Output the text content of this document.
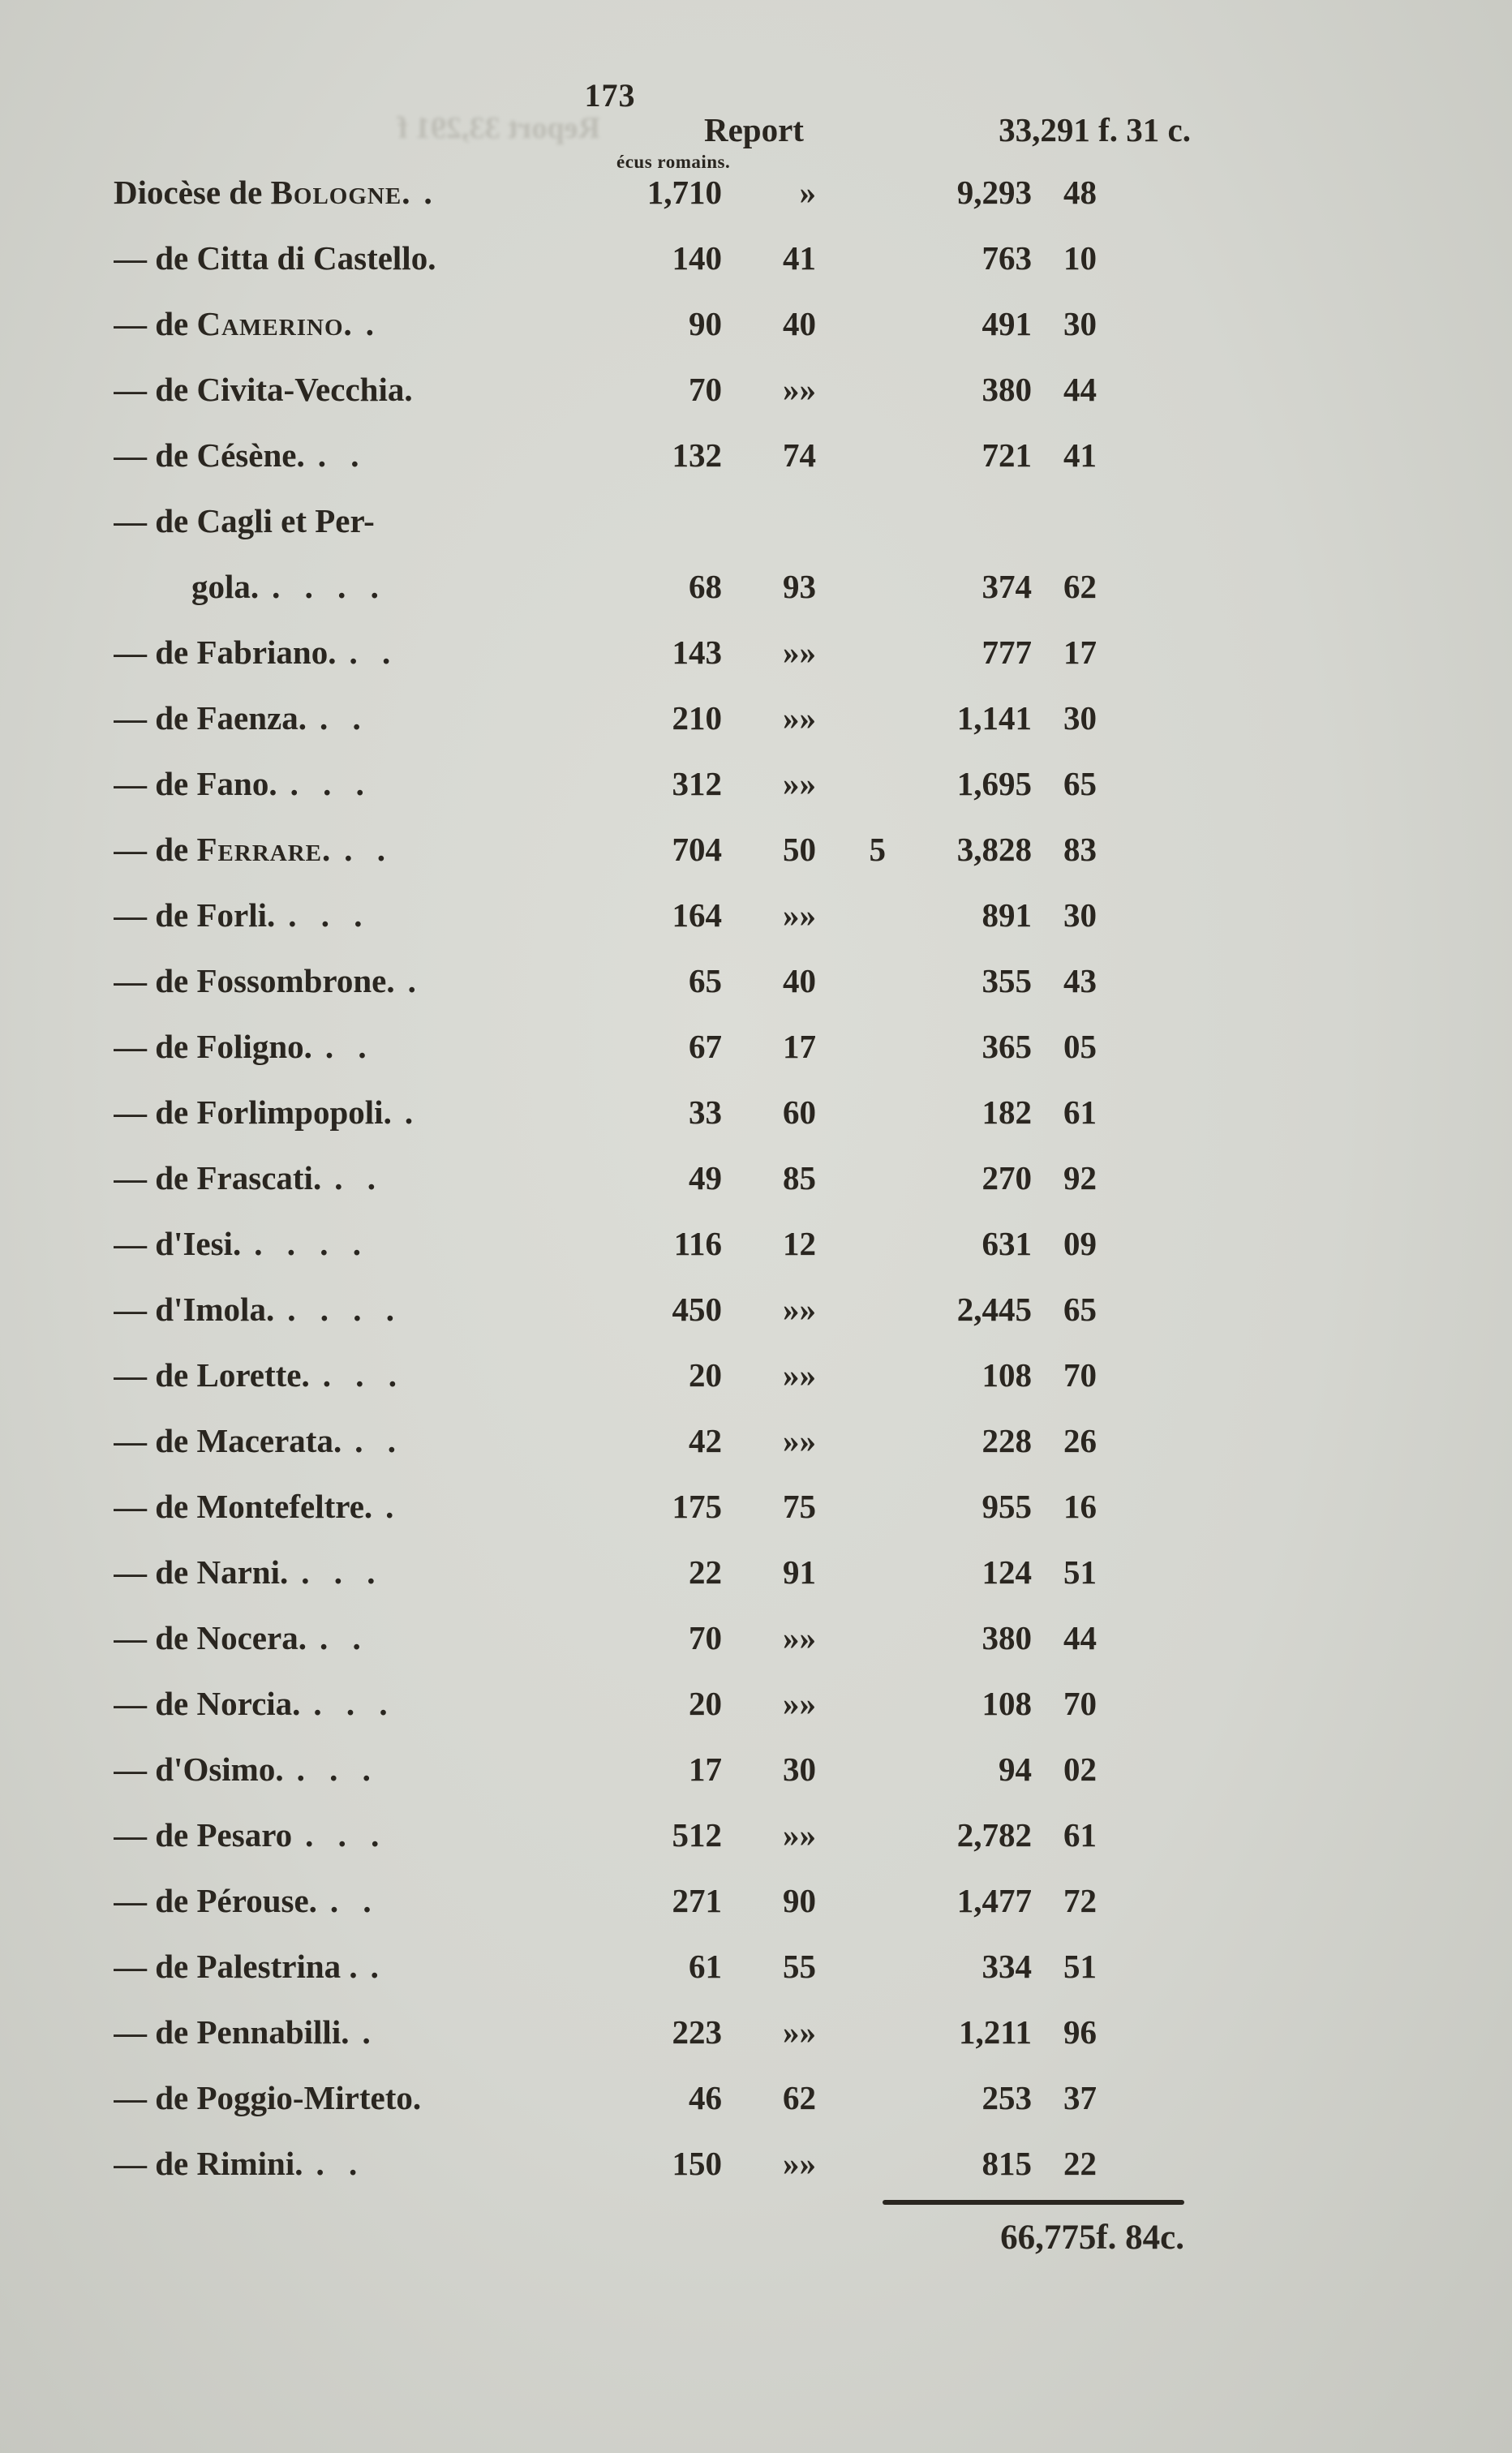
Report 33,291 f
173
Report	33,291 f. 31 c.
écus romains.
Diocèse de Bologne. .	1,710	»	9,293 48
— de Citta di Castello.	140	41	763 10
— de Camerino. .	90	40	491 30
— de Civita-Vecchia.	70	»»	380 44
— de Césène. . .	132	74	721 41
— de Cagli et Per-
gola. . . . .	68	93	374 62
— de Fabriano. . .	143	»»	777 17
— de Faenza. . .	210	»»	1,141 30
— de Fano. . . .	312	»»	1,695 65
— de Ferrare. . .	704	50	5	3,828 83
— de Forli. . . .	164	»»	891 30
— de Fossombrone. .	65	40	355 43
— de Foligno. . .	67	17	365 05
— de Forlimpopoli. .	33	60	182 61
— de Frascati. . .	49	85	270 92
— d'Iesi. . . . .	116	12	631 09
— d'Imola. . . . .	450	»»	2,445 65
— de Lorette. . . .	20	»»	108 70
— de Macerata. . .	42	»»	228 26
— de Montefeltre. .	175	75	955 16
— de Narni. . . .	22	91	124 51
— de Nocera. . .	70	»»	380 44
— de Norcia. . . .	20	»»	108 70
— d'Osimo. . . .	17	30	94 02
— de Pesaro . . .	512	»»	2,782 61
— de Pérouse. . .	271	90	1,477 72
— de Palestrina . .	61	55	334 51
— de Pennabilli. .	223	»»	1,211 96
— de Poggio-Mirteto.	46	62	253 37
— de Rimini. . .	150	»»	815 22
66,775f. 84c.
